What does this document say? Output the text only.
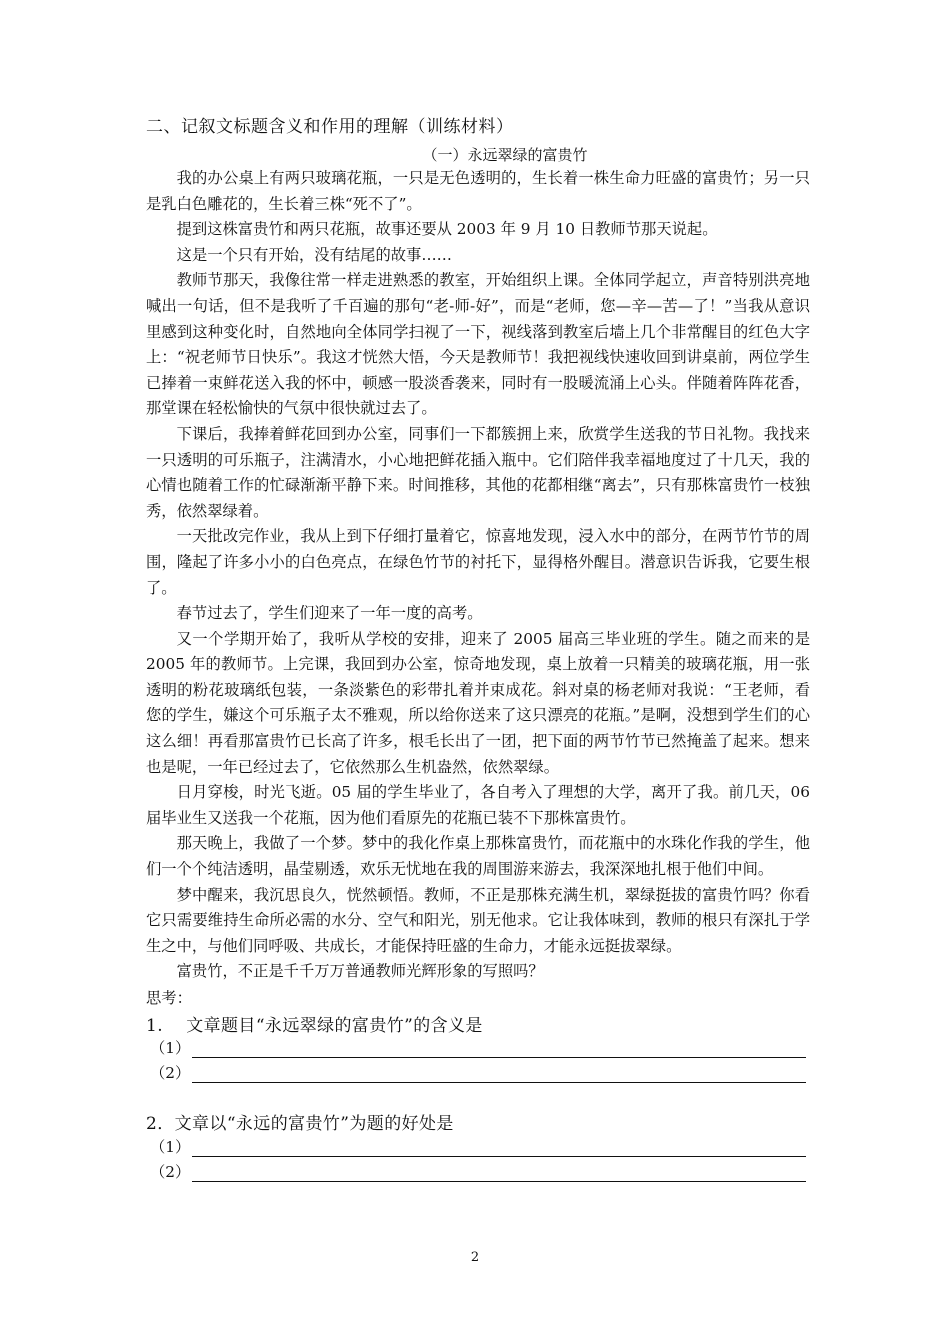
二、记叙文标题含义和作用的理解（训练材料）
（一）永远翠绿的富贵竹

我的办公桌上有两只玻璃花瓶，一只是无色透明的，生长着一株生命力旺盛的富贵竹；另一只是乳白色雕花的，生长着三株“死不了”。

提到这株富贵竹和两只花瓶，故事还要从 2003 年 9 月 10 日教师节那天说起。

这是一个只有开始，没有结尾的故事……

教师节那天，我像往常一样走进熟悉的教室，开始组织上课。全体同学起立，声音特别洪亮地喊出一句话，但不是我听了千百遍的那句“老-师-好”，而是“老师，您—辛—苦—了！”当我从意识里感到这种变化时，自然地向全体同学扫视了一下，视线落到教室后墙上几个非常醒目的红色大字上：“祝老师节日快乐”。我这才恍然大悟，今天是教师节！我把视线快速收回到讲桌前，两位学生已捧着一束鲜花送入我的怀中，顿感一股淡香袭来，同时有一股暖流涌上心头。伴随着阵阵花香，那堂课在轻松愉快的气氛中很快就过去了。

下课后，我捧着鲜花回到办公室，同事们一下都簇拥上来，欣赏学生送我的节日礼物。我找来一只透明的可乐瓶子，注满清水，小心地把鲜花插入瓶中。它们陪伴我幸福地度过了十几天，我的心情也随着工作的忙碌渐渐平静下来。时间推移，其他的花都相继“离去”，只有那株富贵竹一枝独秀，依然翠绿着。

一天批改完作业，我从上到下仔细打量着它，惊喜地发现，浸入水中的部分，在两节竹节的周围，隆起了许多小小的白色亮点，在绿色竹节的衬托下，显得格外醒目。潜意识告诉我，它要生根了。

春节过去了，学生们迎来了一年一度的高考。

又一个学期开始了，我听从学校的安排，迎来了 2005 届高三毕业班的学生。随之而来的是 2005 年的教师节。上完课，我回到办公室，惊奇地发现，桌上放着一只精美的玻璃花瓶，用一张透明的粉花玻璃纸包装，一条淡紫色的彩带扎着并束成花。斜对桌的杨老师对我说：“王老师，看您的学生，嫌这个可乐瓶子太不雅观，所以给你送来了这只漂亮的花瓶。”是啊，没想到学生们的心这么细！再看那富贵竹已长高了许多，根毛长出了一团，把下面的两节竹节已然掩盖了起来。想来也是呢，一年已经过去了，它依然那么生机盎然，依然翠绿。

日月穿梭，时光飞逝。05 届的学生毕业了，各自考入了理想的大学，离开了我。前几天，06 届毕业生又送我一个花瓶，因为他们看原先的花瓶已装不下那株富贵竹。

那天晚上，我做了一个梦。梦中的我化作桌上那株富贵竹，而花瓶中的水珠化作我的学生，他们一个个纯洁透明，晶莹剔透，欢乐无忧地在我的周围游来游去，我深深地扎根于他们中间。

梦中醒来，我沉思良久，恍然顿悟。教师，不正是那株充满生机，翠绿挺拔的富贵竹吗？你看它只需要维持生命所必需的水分、空气和阳光，别无他求。它让我体味到，教师的根只有深扎于学生之中，与他们同呼吸、共成长，才能保持旺盛的生命力，才能永远挺拔翠绿。

富贵竹，不正是千千万万普通教师光辉形象的写照吗？

思考：
1.　 文章题目“永远翠绿的富贵竹”的含义是
（1）
（2）
2．文章以“永远的富贵竹”为题的好处是
（1）
（2）
2
